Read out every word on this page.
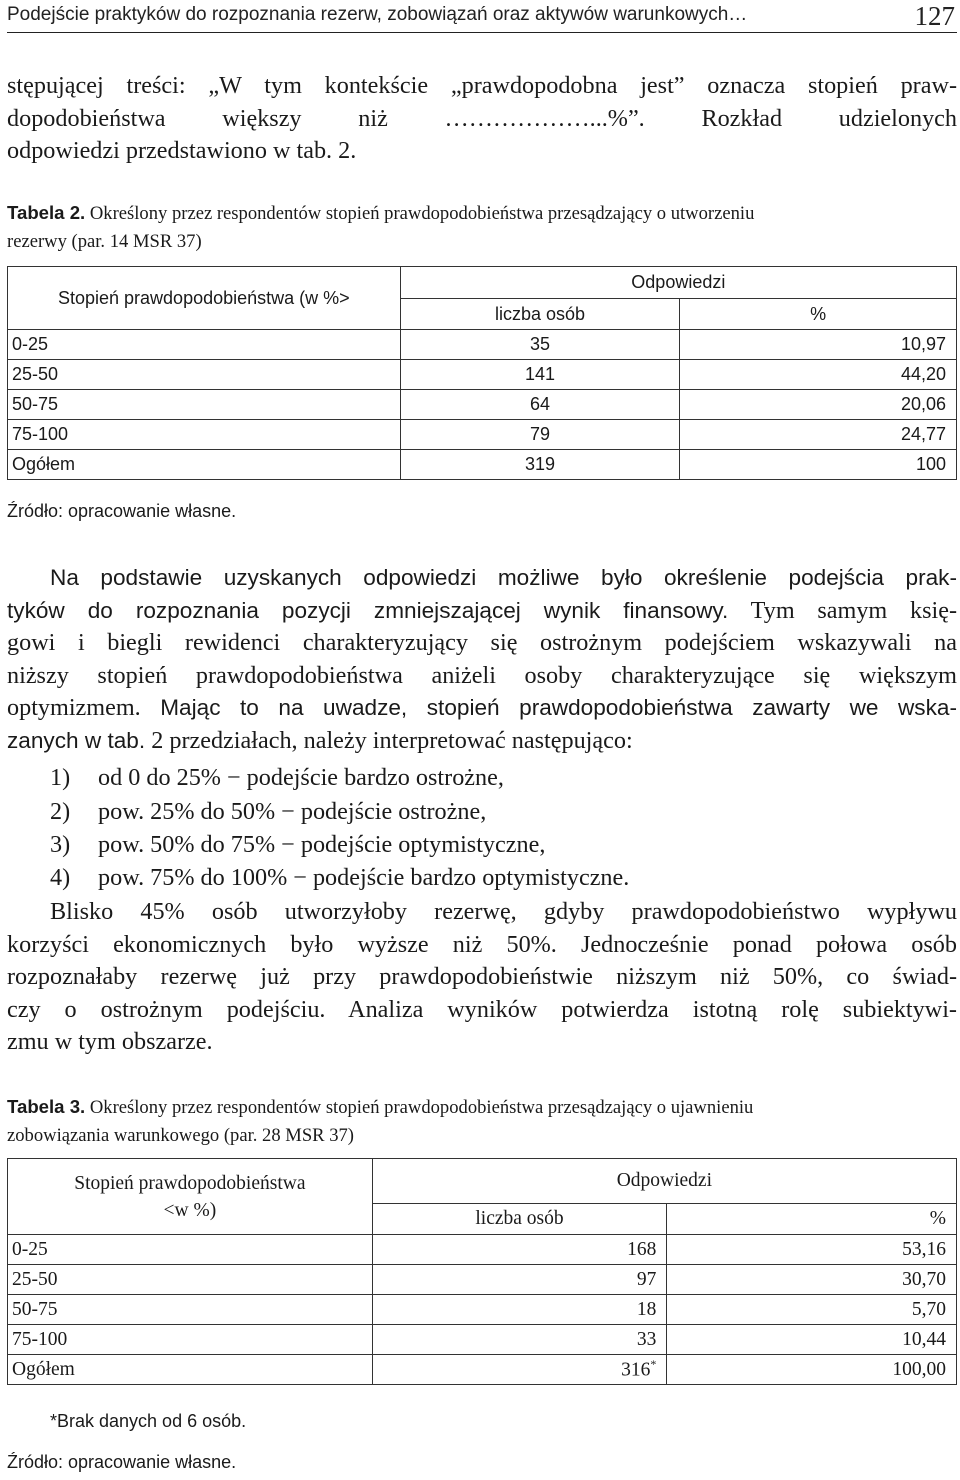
Podejście praktyków do rozpoznania rezerw, zobowiązań oraz aktywów warunkowych…	127
stępującej treści: „W tym kontekście „prawdopodobna jest” oznacza stopień praw-
dopodobieństwa większy niż ………………...%”. Rozkład udzielonych
odpowiedzi przedstawiono w tab. 2.
Tabela 2. Określony przez respondentów stopień prawdopodobieństwa przesądzający o utworzeniu
rezerwy (par. 14 MSR 37)
Stopień prawdopodobieństwa (w %>	Odpowiedzi	
	liczba osób	%
0-25	35	10,97
25-50	141	44,20
50-75	64	20,06
75-100	79	24,77
Ogółem	319	100
Źródło: opracowanie własne.
Na podstawie uzyskanych odpowiedzi możliwe było określenie podejścia prak-
tyków do rozpoznania pozycji zmniejszającej wynik finansowy. Tym samym księ-
gowi i biegli rewidenci charakteryzujący się ostrożnym podejściem wskazywali na
niższy stopień prawdopodobieństwa aniżeli osoby charakteryzujące się większym
optymizmem. Mając to na uwadze, stopień prawdopodobieństwa zawarty we wska-
zanych w tab. 2 przedziałach, należy interpretować następująco:
1) od 0 do 25% − podejście bardzo ostrożne,
2) pow. 25% do 50% − podejście ostrożne,
3) pow. 50% do 75% − podejście optymistyczne,
4) pow. 75% do 100% − podejście bardzo optymistyczne.
Blisko 45% osób utworzyłoby rezerwę, gdyby prawdopodobieństwo wypływu
korzyści ekonomicznych było wyższe niż 50%. Jednocześnie ponad połowa osób
rozpoznałaby rezerwę już przy prawdopodobieństwie niższym niż 50%, co świad-
czy o ostrożnym podejściu. Analiza wyników potwierdza istotną rolę subiektywi-
zmu w tym obszarze.
Tabela 3. Określony przez respondentów stopień prawdopodobieństwa przesądzający o ujawnieniu
zobowiązania warunkowego (par. 28 MSR 37)
Stopień prawdopodobieństwa
<w %)	Odpowiedzi	
	liczba osób	%
0-25	168	53,16
25-50	97	30,70
50-75	18	5,70
75-100	33	10,44
Ogółem	316*	100,00
*Brak danych od 6 osób.
Źródło: opracowanie własne.
